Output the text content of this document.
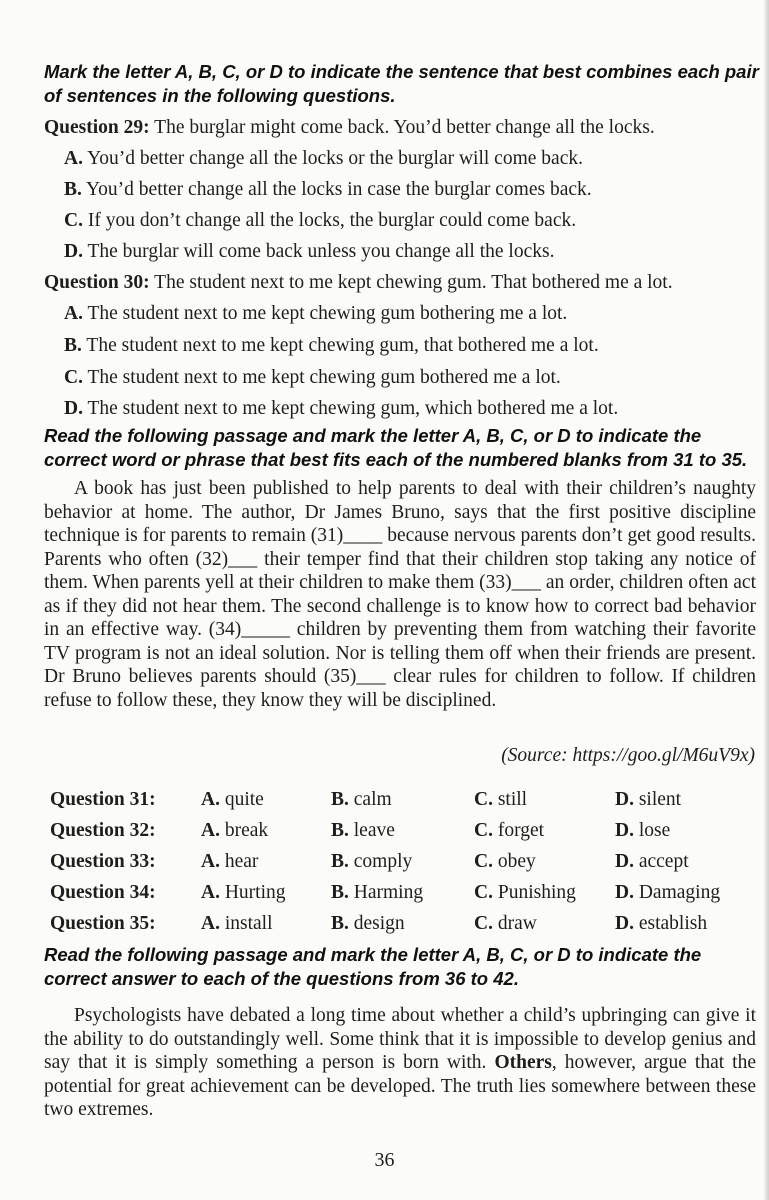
Mark the letter A, B, C, or D to indicate the sentence that best combines each pair of sentences in the following questions.
Question 29: The burglar might come back. You’d better change all the locks.
A. You’d better change all the locks or the burglar will come back.
B. You’d better change all the locks in case the burglar comes back.
C. If you don’t change all the locks, the burglar could come back.
D. The burglar will come back unless you change all the locks.
Question 30: The student next to me kept chewing gum. That bothered me a lot.
A. The student next to me kept chewing gum bothering me a lot.
B. The student next to me kept chewing gum, that bothered me a lot.
C. The student next to me kept chewing gum bothered me a lot.
D. The student next to me kept chewing gum, which bothered me a lot.
Read the following passage and mark the letter A, B, C, or D to indicate the correct word or phrase that best fits each of the numbered blanks from 31 to 35.

A book has just been published to help parents to deal with their children’s naughty behavior at home. The author, Dr James Bruno, says that the first positive discipline technique is for parents to remain (31)____ because nervous parents don’t get good results. Parents who often (32)___ their temper find that their children stop taking any notice of them. When parents yell at their children to make them (33)___ an order, children often act as if they did not hear them. The second challenge is to know how to correct bad behavior in an effective way. (34)_____ children by preventing them from watching their favorite TV program is not an ideal solution. Nor is telling them off when their friends are present. Dr Bruno believes parents should (35)___ clear rules for children to follow. If children refuse to follow these, they know they will be disciplined.

(Source: https://goo.gl/M6uV9x)
Question 31:	A. quite	B. calm	C. still	D. silent
Question 32:	A. break	B. leave	C. forget	D. lose
Question 33:	A. hear	B. comply	C. obey	D. accept
Question 34:	A. Hurting	B. Harming	C. Punishing	D. Damaging
Question 35:	A. install	B. design	C. draw	D. establish
Read the following passage and mark the letter A, B, C, or D to indicate the correct answer to each of the questions from 36 to 42.

Psychologists have debated a long time about whether a child’s upbringing can give it the ability to do outstandingly well. Some think that it is impossible to develop genius and say that it is simply something a person is born with. Others, however, argue that the potential for great achievement can be developed. The truth lies somewhere between these two extremes.

36
